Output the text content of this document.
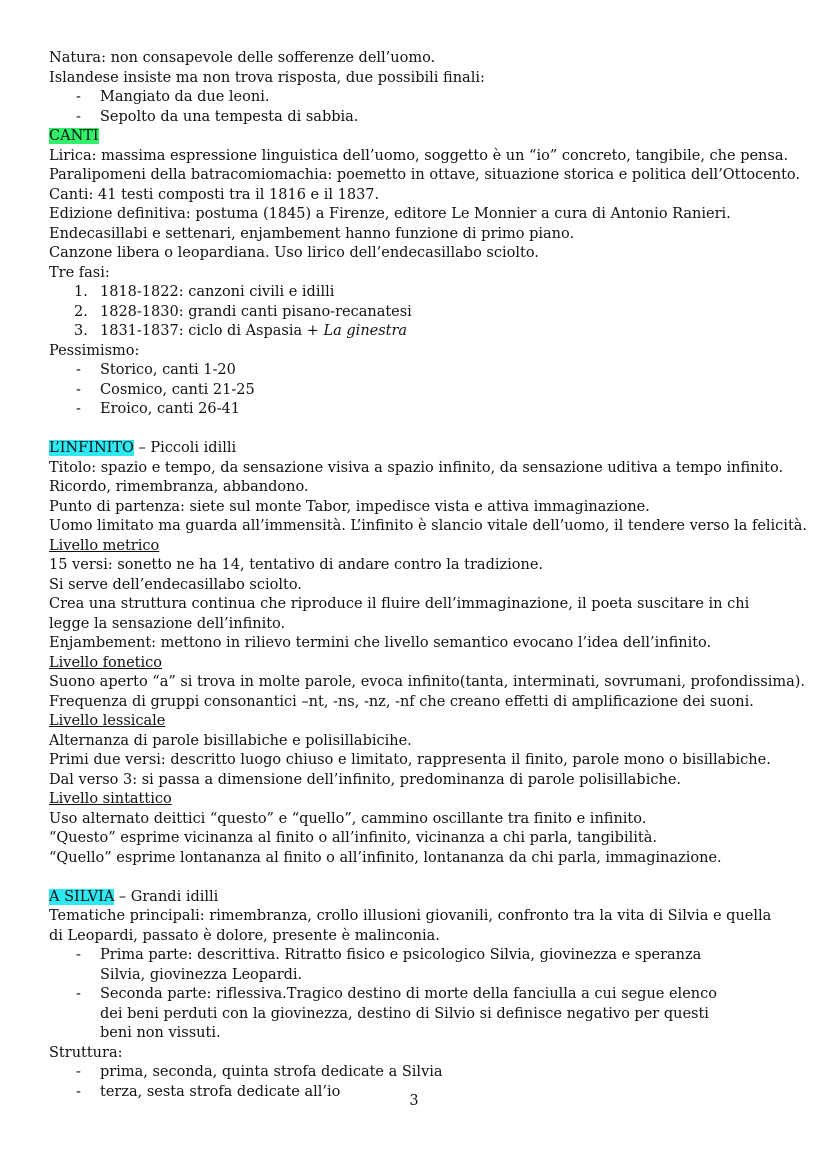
Natura: non consapevole delle sofferenze dell’uomo.

Islandese insiste ma non trova risposta, due possibili finali:

- Mangiato da due leoni.
- Sepolto da una tempesta di sabbia.

CANTI

Lirica: massima espressione linguistica dell’uomo, soggetto è un “io” concreto, tangibile, che pensa.

Paralipomeni della batracomiomachia: poemetto in ottave, situazione storica e politica dell’Ottocento.

Canti: 41 testi composti tra il 1816 e il 1837.

Edizione definitiva: postuma (1845) a Firenze, editore Le Monnier a cura di Antonio Ranieri.

Endecasillabi e settenari, enjambement hanno funzione di primo piano.

Canzone libera o leopardiana. Uso lirico dell’endecasillabo sciolto.

Tre fasi:

1. 1818-1822: canzoni civili e idilli
2. 1828-1830: grandi canti pisano-recanatesi
3. 1831-1837: ciclo di Aspasia + La ginestra

Pessimismo:

- Storico, canti 1-20
- Cosmico, canti 21-25
- Eroico, canti 26-41

L’INFINITO – Piccoli idilli

Titolo: spazio e tempo, da sensazione visiva a spazio infinito, da sensazione uditiva a tempo infinito.

Ricordo, rimembranza, abbandono.

Punto di partenza: siete sul monte Tabor, impedisce vista e attiva immaginazione.

Uomo limitato ma guarda all’immensità. L’infinito è slancio vitale dell’uomo, il tendere verso la felicità.

Livello metrico

15 versi: sonetto ne ha 14, tentativo di andare contro la tradizione.

Si serve dell’endecasillabo sciolto.

Crea una struttura continua che riproduce il fluire dell’immaginazione, il poeta suscitare in chi legge la sensazione dell’infinito.

Enjambement: mettono in rilievo termini che livello semantico evocano l’idea dell’infinito.

Livello fonetico

Suono aperto “a” si trova in molte parole, evoca infinito(tanta, interminati, sovrumani, profondissima).

Frequenza di gruppi consonantici –nt, -ns, -nz, -nf che creano effetti di amplificazione dei suoni.

Livello lessicale

Alternanza di parole bisillabiche e polisillabicihe.

Primi due versi: descritto luogo chiuso e limitato, rappresenta il finito, parole mono o bisillabiche.

Dal verso 3: si passa a dimensione dell’infinito, predominanza di parole polisillabiche.

Livello sintattico

Uso alternato deittici “questo” e “quello”, cammino oscillante tra finito e infinito.

“Questo” esprime vicinanza al finito o all’infinito, vicinanza a chi parla, tangibilità.

“Quello” esprime lontananza al finito o all’infinito, lontananza da chi parla, immaginazione.

A SILVIA – Grandi idilli

Tematiche principali: rimembranza, crollo illusioni giovanili, confronto tra la vita di Silvia e quella di Leopardi, passato è dolore, presente è malinconia.

- Prima parte: descrittiva. Ritratto fisico e psicologico Silvia, giovinezza e speranza Silvia, giovinezza Leopardi.
- Seconda parte: riflessiva.Tragico destino di morte della fanciulla a cui segue elenco dei beni perduti con la giovinezza, destino di Silvio si definisce negativo per questi beni non vissuti.

Struttura:

- prima, seconda, quinta strofa dedicate a Silvia
- terza, sesta strofa dedicate all’io
3
